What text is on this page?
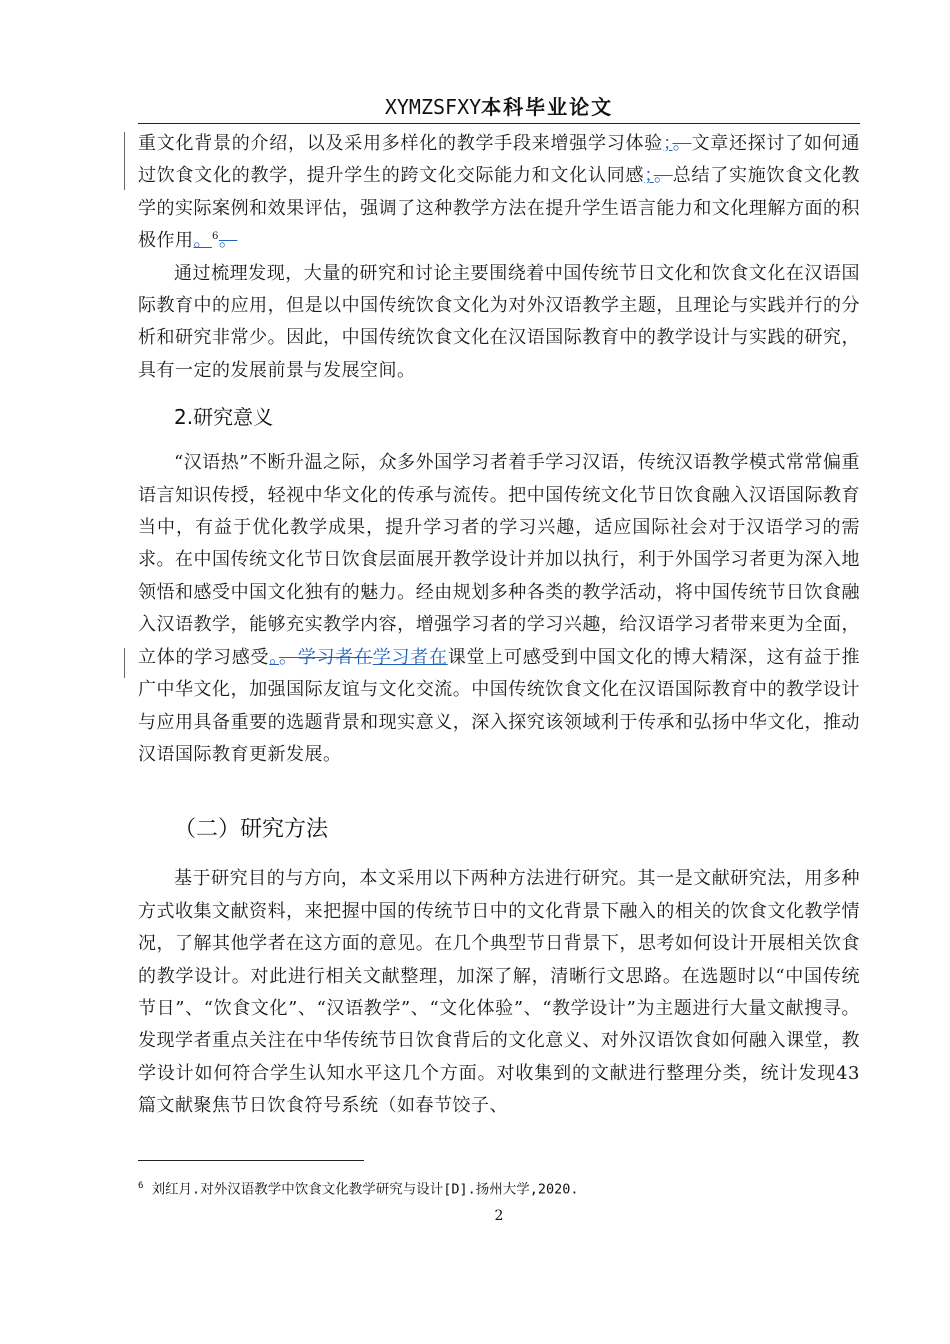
XYMZSFXY本科毕业论文

重文化背景的介绍，以及采用多样化的教学手段来增强学习体验；。文章还探讨了如何通过饮食文化的教学，提升学生的跨文化交际能力和文化认同感；。总结了实施饮食文化教学的实际案例和效果评估，强调了这种教学方法在提升学生语言能力和文化理解方面的积极作用。$^6$。

通过梳理发现，大量的研究和讨论主要围绕着中国传统节日文化和饮食文化在汉语国际教育中的应用，但是以中国传统饮食文化为对外汉语教学主题，且理论与实践并行的分析和研究非常少。因此，中国传统饮食文化在汉语国际教育中的教学设计与实践的研究，具有一定的发展前景与发展空间。

2.研究意义

“汉语热”不断升温之际，众多外国学习者着手学习汉语，传统汉语教学模式常常偏重语言知识传授，轻视中华文化的传承与流传。把中国传统文化节日饮食融入汉语国际教育当中，有益于优化教学成果，提升学习者的学习兴趣，适应国际社会对于汉语学习的需求。在中国传统文化节日饮食层面展开教学设计并加以执行，利于外国学习者更为深入地领悟和感受中国文化独有的魅力。经由规划多种各类的教学活动，将中国传统节日饮食融入汉语教学，能够充实教学内容，增强学习者的学习兴趣，给汉语学习者带来更为全面，立体的学习感受。。学习者在学习者在课堂上可感受到中国文化的博大精深，这有益于推广中华文化，加强国际友谊与文化交流。中国传统饮食文化在汉语国际教育中的教学设计与应用具备重要的选题背景和现实意义，深入探究该领域利于传承和弘扬中华文化，推动汉语国际教育更新发展。

（二）研究方法

基于研究目的与方向，本文采用以下两种方法进行研究。其一是文献研究法，用多种方式收集文献资料，来把握中国的传统节日中的文化背景下融入的相关的饮食文化教学情况，了解其他学者在这方面的意见。在几个典型节日背景下，思考如何设计开展相关饮食的教学设计。对此进行相关文献整理，加深了解，清晰行文思路。在选题时以“中国传统节日”、“饮食文化”、“汉语教学”、“文化体验”、“教学设计”为主题进行大量文献搜寻。发现学者重点关注在中华传统节日饮食背后的文化意义、对外汉语饮食如何融入课堂，教学设计如何符合学生认知水平这几个方面。对收集到的文献进行整理分类，统计发现43篇文献聚焦节日饮食符号系统（如春节饺子、

$^6$ 刘红月.对外汉语教学中饮食文化教学研究与设计[D].扬州大学,2020.
2
